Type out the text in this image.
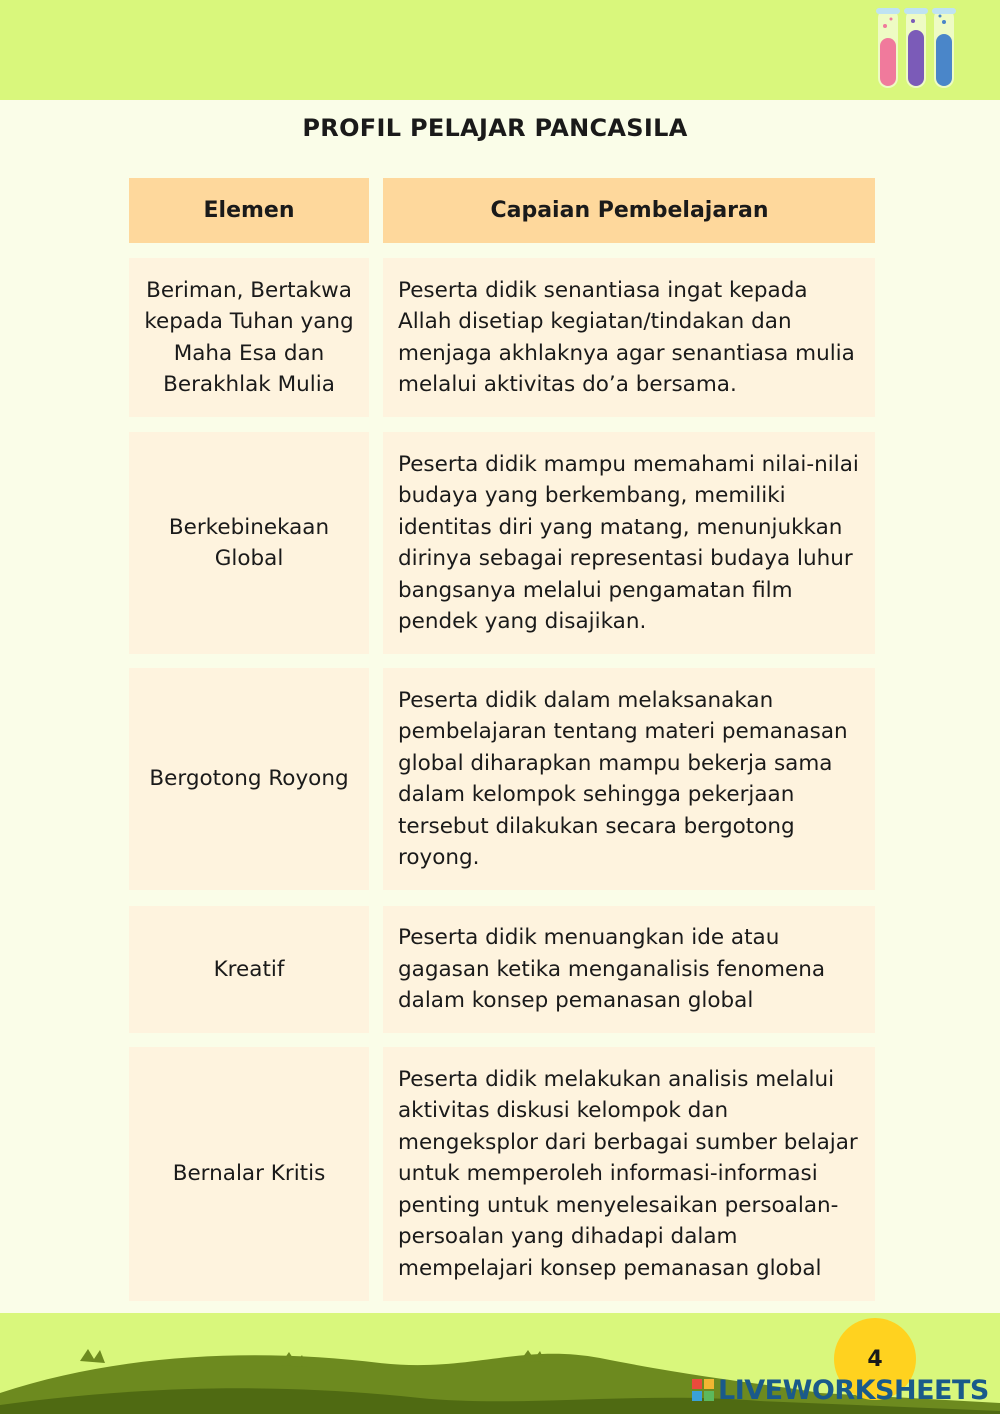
PROFIL PELAJAR PANCASILA
Elemen	Capaian Pembelajaran
Beriman, Bertakwa kepada Tuhan yang Maha Esa dan Berakhlak Mulia
Peserta didik senantiasa ingat kepada Allah disetiap kegiatan/tindakan dan menjaga akhlaknya agar senantiasa mulia melalui aktivitas do’a bersama.
Berkebinekaan Global
Peserta didik mampu memahami nilai-nilai budaya yang berkembang, memiliki identitas diri yang matang, menunjukkan dirinya sebagai representasi budaya luhur bangsanya melalui pengamatan film pendek yang disajikan.
Bergotong Royong
Peserta didik dalam melaksanakan pembelajaran tentang materi pemanasan global diharapkan mampu bekerja sama dalam kelompok sehingga pekerjaan tersebut dilakukan secara bergotong royong.
Kreatif
Peserta didik menuangkan ide atau gagasan ketika menganalisis fenomena dalam konsep pemanasan global
Bernalar Kritis
Peserta didik melakukan analisis melalui aktivitas diskusi kelompok dan mengeksplor dari berbagai sumber belajar untuk memperoleh informasi-informasi penting untuk menyelesaikan persoalan-persoalan yang dihadapi dalam mempelajari konsep pemanasan global
4
LIVEWORKSHEETS
